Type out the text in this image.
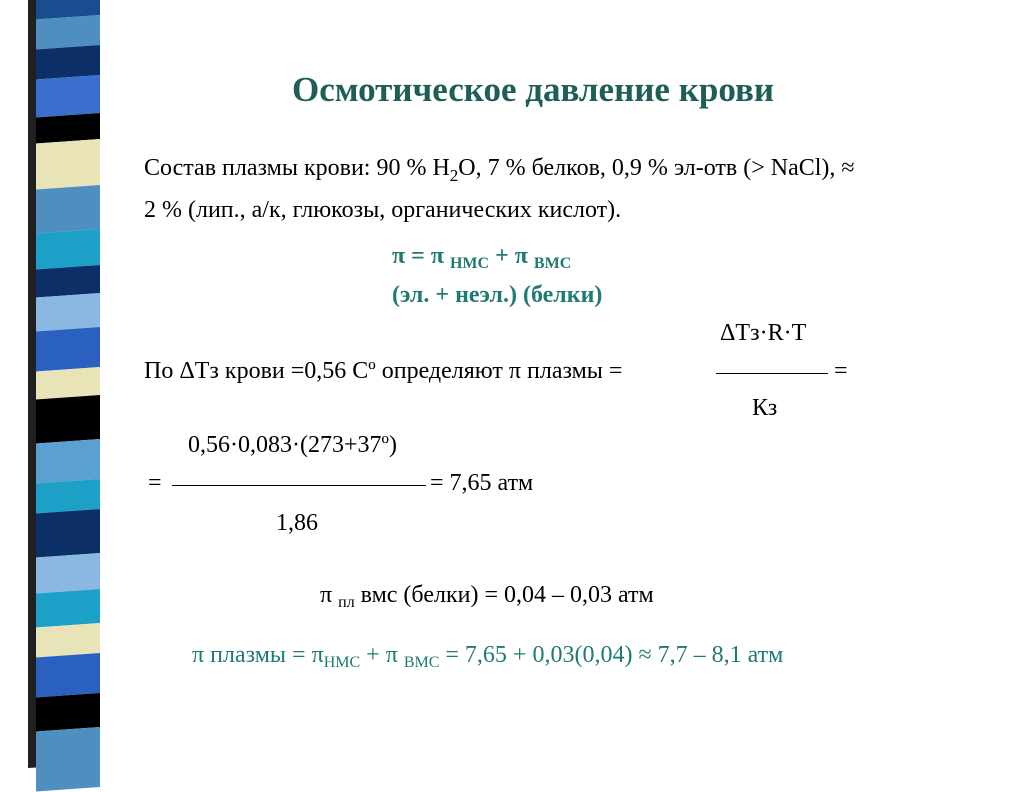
Осмотическое давление крови
Состав плазмы крови: 90 % $H_2O$, 7 % белков, 0,9 % эл-отв (> NaCl), ≈
2 % (лип., а/к, глюкозы, органических кислот).
π = π $_{НМС}$ + π $_{ВМС}$
(эл. + неэл.) (белки)
ΔTз·R·T
По ΔTз крови =0,56 Cº определяют π плазмы =	=
Кз
0,56·0,083·(273+37º)
=	= 7,65 атм
1,86
π $_{пл}$ вмс (белки) = 0,04 – 0,03 атм
π плазмы = $\pi_{НМС} + \pi$ $_{ВМС}$ = 7,65 + 0,03(0,04) ≈ 7,7 – 8,1 атм
